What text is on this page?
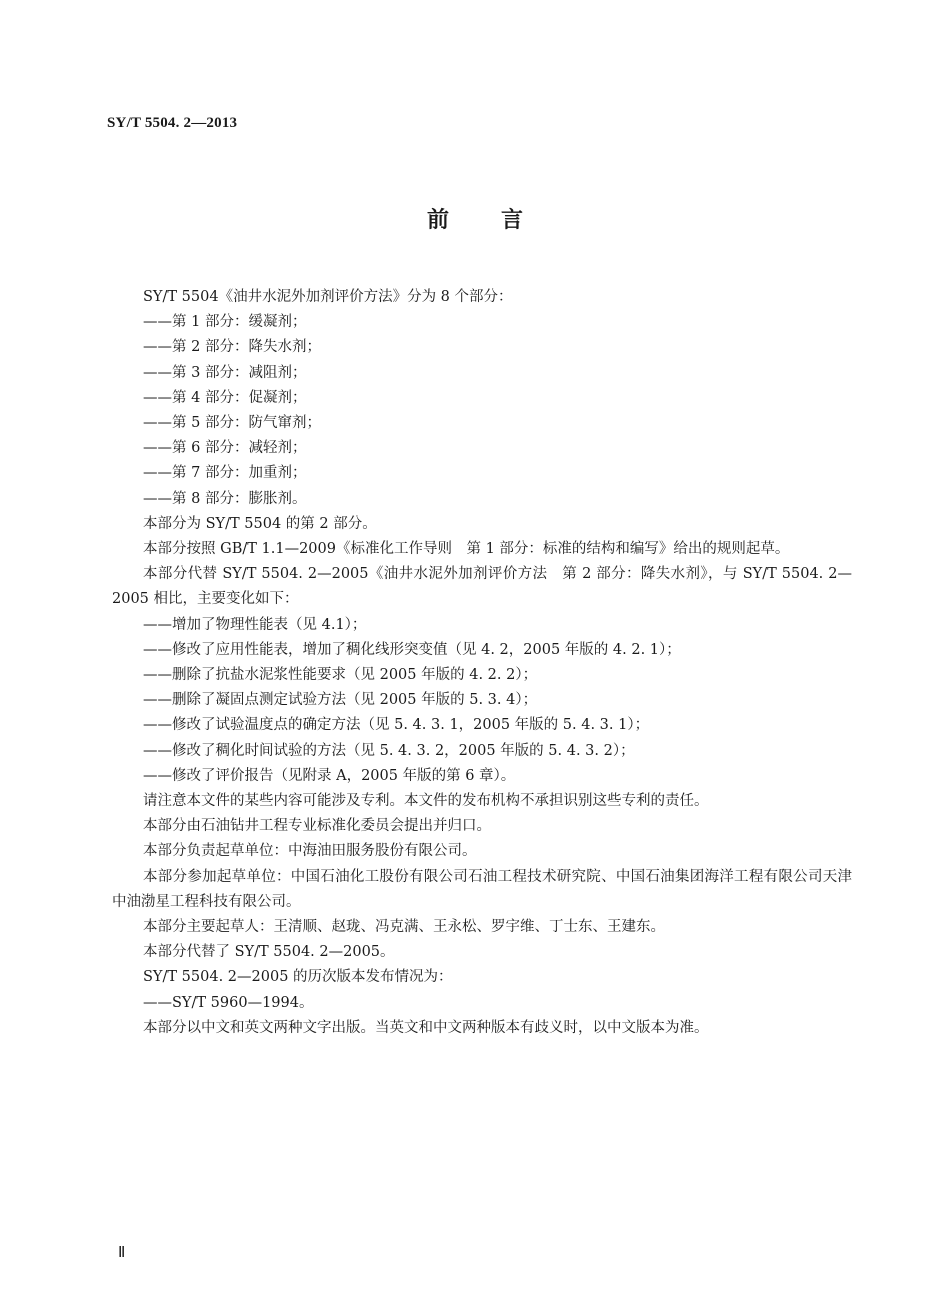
SY/T 5504. 2—2013
前言

SY/T 5504《油井水泥外加剂评价方法》分为 8 个部分：

——第 1 部分：缓凝剂；

——第 2 部分：降失水剂；

——第 3 部分：减阻剂；

——第 4 部分：促凝剂；

——第 5 部分：防气窜剂；

——第 6 部分：减轻剂；

——第 7 部分：加重剂；

——第 8 部分：膨胀剂。

本部分为 SY/T 5504 的第 2 部分。

本部分按照 GB/T 1.1—2009《标准化工作导则　第 1 部分：标准的结构和编写》给出的规则起草。

本部分代替 SY/T 5504. 2—2005《油井水泥外加剂评价方法　第 2 部分：降失水剂》，与 SY/T 5504. 2—2005 相比，主要变化如下：

——增加了物理性能表（见 4.1）；

——修改了应用性能表，增加了稠化线形突变值（见 4. 2，2005 年版的 4. 2. 1）；

——删除了抗盐水泥浆性能要求（见 2005 年版的 4. 2. 2）；

——删除了凝固点测定试验方法（见 2005 年版的 5. 3. 4）；

——修改了试验温度点的确定方法（见 5. 4. 3. 1，2005 年版的 5. 4. 3. 1）；

——修改了稠化时间试验的方法（见 5. 4. 3. 2，2005 年版的 5. 4. 3. 2）；

——修改了评价报告（见附录 A，2005 年版的第 6 章）。

请注意本文件的某些内容可能涉及专利。本文件的发布机构不承担识别这些专利的责任。

本部分由石油钻井工程专业标准化委员会提出并归口。

本部分负责起草单位：中海油田服务股份有限公司。

本部分参加起草单位：中国石油化工股份有限公司石油工程技术研究院、中国石油集团海洋工程有限公司天津中油渤星工程科技有限公司。

本部分主要起草人：王清顺、赵珑、冯克满、王永松、罗宇维、丁士东、王建东。

本部分代替了 SY/T 5504. 2—2005。

SY/T 5504. 2—2005 的历次版本发布情况为：

——SY/T 5960—1994。

本部分以中文和英文两种文字出版。当英文和中文两种版本有歧义时，以中文版本为准。

Ⅱ
